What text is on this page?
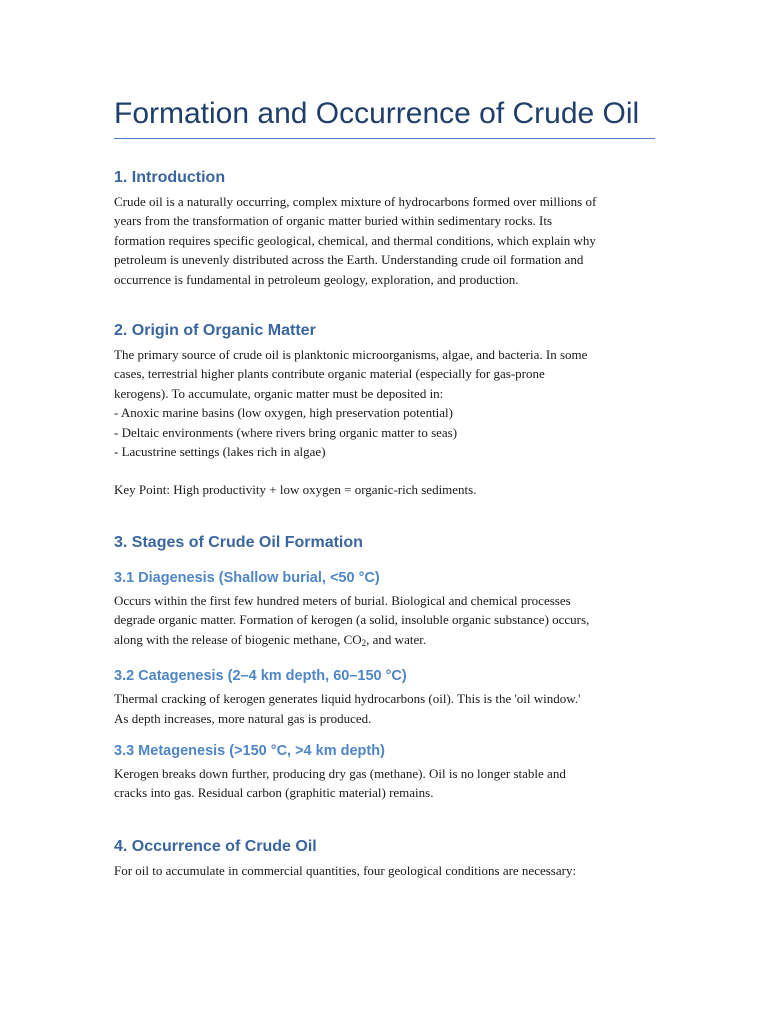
Formation and Occurrence of Crude Oil
1. Introduction

Crude oil is a naturally occurring, complex mixture of hydrocarbons formed over millions of
years from the transformation of organic matter buried within sedimentary rocks. Its
formation requires specific geological, chemical, and thermal conditions, which explain why
petroleum is unevenly distributed across the Earth. Understanding crude oil formation and
occurrence is fundamental in petroleum geology, exploration, and production.

2. Origin of Organic Matter

The primary source of crude oil is planktonic microorganisms, algae, and bacteria. In some
cases, terrestrial higher plants contribute organic material (especially for gas-prone
kerogens). To accumulate, organic matter must be deposited in:
- Anoxic marine basins (low oxygen, high preservation potential)
- Deltaic environments (where rivers bring organic matter to seas)
- Lacustrine settings (lakes rich in algae)

Key Point: High productivity + low oxygen = organic-rich sediments.

3. Stages of Crude Oil Formation
3.1 Diagenesis (Shallow burial, <50 °C)

Occurs within the first few hundred meters of burial. Biological and chemical processes
degrade organic matter. Formation of kerogen (a solid, insoluble organic substance) occurs,
along with the release of biogenic methane, CO2, and water.

3.2 Catagenesis (2–4 km depth, 60–150 °C)

Thermal cracking of kerogen generates liquid hydrocarbons (oil). This is the 'oil window.'
As depth increases, more natural gas is produced.

3.3 Metagenesis (>150 °C, >4 km depth)

Kerogen breaks down further, producing dry gas (methane). Oil is no longer stable and
cracks into gas. Residual carbon (graphitic material) remains.

4. Occurrence of Crude Oil

For oil to accumulate in commercial quantities, four geological conditions are necessary:
